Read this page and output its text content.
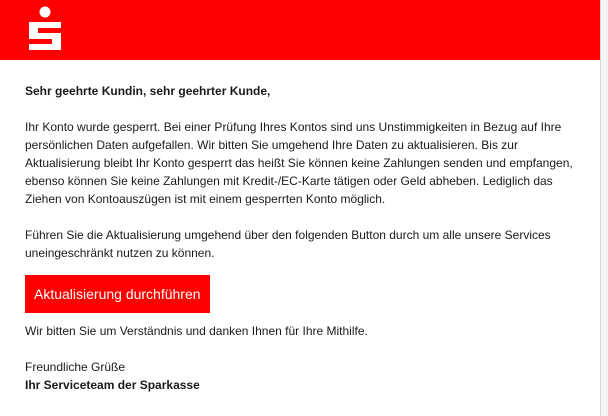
Sehr geehrte Kundin, sehr geehrter Kunde,

Ihr Konto wurde gesperrt. Bei einer Prüfung Ihres Kontos sind uns Unstimmigkeiten in Bezug auf Ihre persönlichen Daten aufgefallen. Wir bitten Sie umgehend Ihre Daten zu aktualisieren. Bis zur Aktualisierung bleibt Ihr Konto gesperrt das heißt Sie können keine Zahlungen senden und empfangen, ebenso können Sie keine Zahlungen mit Kredit-/EC-Karte tätigen oder Geld abheben. Lediglich das Ziehen von Kontoauszügen ist mit einem gesperrten Konto möglich.

Führen Sie die Aktualisierung umgehend über den folgenden Button durch um alle unsere Services uneingeschränkt nutzen zu können.

Aktualisierung durchführen

Wir bitten Sie um Verständnis und danken Ihnen für Ihre Mithilfe.

Freundliche Grüße

Ihr Serviceteam der Sparkasse
